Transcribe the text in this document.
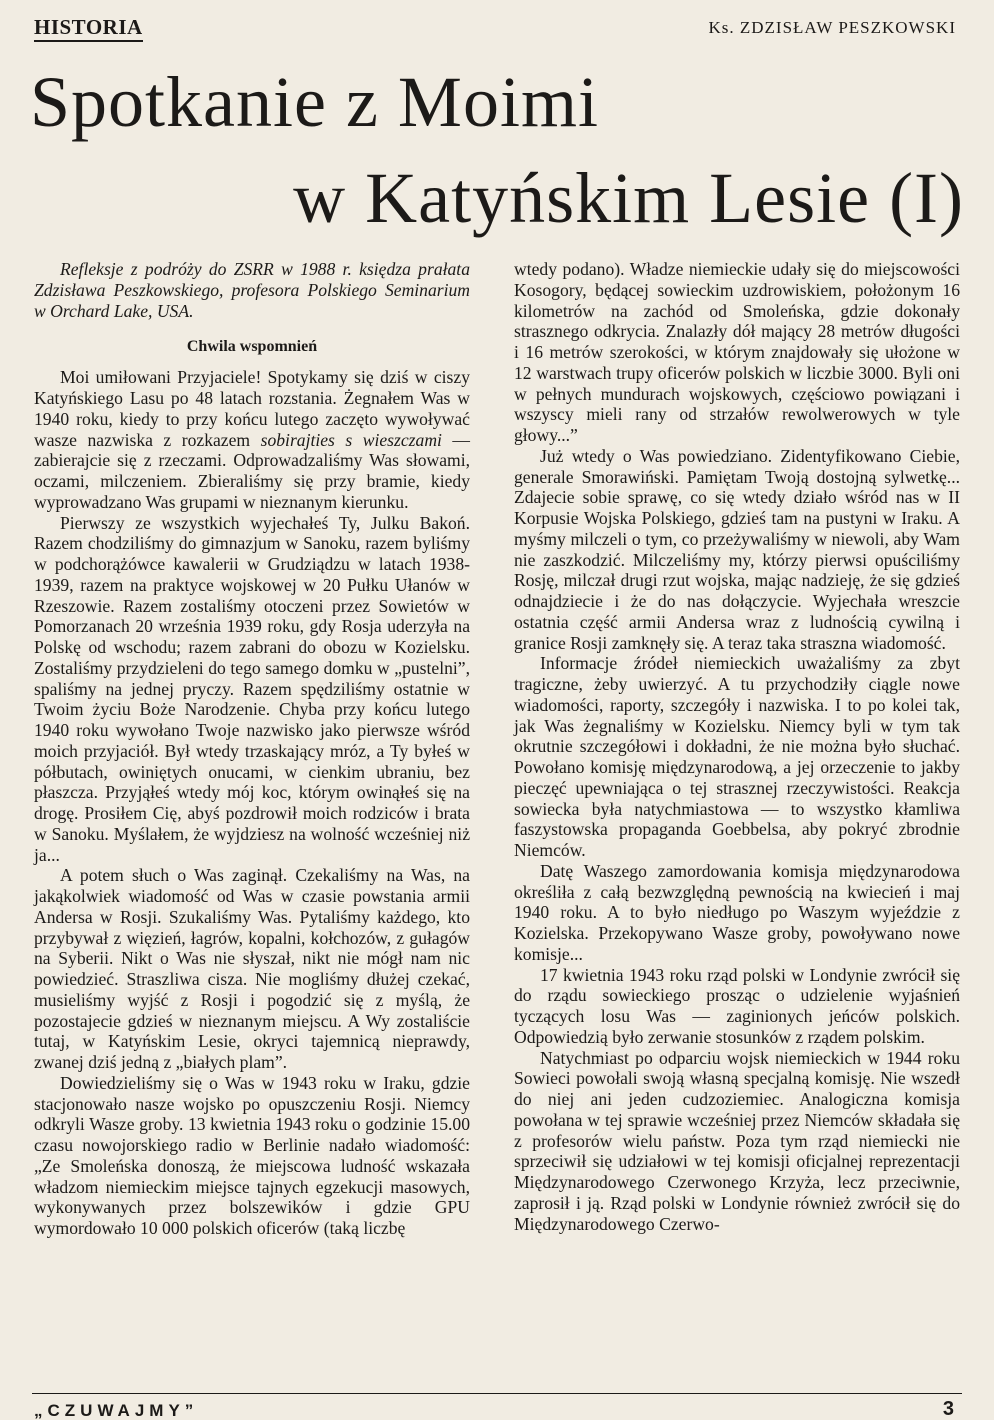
HISTORIA	Ks. ZDZISŁAW PESZKOWSKI
Spotkanie z Moimi
w Katyńskim Lesie (I)

Refleksje z podróży do ZSRR w 1988 r. księdza prałata Zdzisława Peszkowskiego, profesora Polskiego Seminarium w Orchard Lake, USA.

Chwila wspomnień

Moi umiłowani Przyjaciele! Spotykamy się dziś w ciszy Katyńskiego Lasu po 48 latach rozstania. Żegnałem Was w 1940 roku, kiedy to przy końcu lutego zaczęto wywoływać wasze nazwiska z rozkazem sobirajties s wieszczami — zabierajcie się z rzeczami. Odprowadzaliśmy Was słowami, oczami, milczeniem. Zbieraliśmy się przy bramie, kiedy wyprowadzano Was grupami w nieznanym kierunku.

Pierwszy ze wszystkich wyjechałeś Ty, Julku Bakoń. Razem chodziliśmy do gimnazjum w Sanoku, razem byliśmy w podchorążówce kawalerii w Grudziądzu w latach 1938-1939, razem na praktyce wojskowej w 20 Pułku Ułanów w Rzeszowie. Razem zostaliśmy otoczeni przez Sowietów w Pomorzanach 20 września 1939 roku, gdy Rosja uderzyła na Polskę od wschodu; razem zabrani do obozu w Kozielsku. Zostaliśmy przydzieleni do tego samego domku w „pustelni”, spaliśmy na jednej pryczy. Razem spędziliśmy ostatnie w Twoim życiu Boże Narodzenie. Chyba przy końcu lutego 1940 roku wywołano Twoje nazwisko jako pierwsze wśród moich przyjaciół. Był wtedy trzaskający mróz, a Ty byłeś w półbutach, owiniętych onucami, w cienkim ubraniu, bez płaszcza. Przyjąłeś wtedy mój koc, którym owinąłeś się na drogę. Prosiłem Cię, abyś pozdrowił moich rodziców i brata w Sanoku. Myślałem, że wyjdziesz na wolność wcześniej niż ja...

A potem słuch o Was zaginął. Czekaliśmy na Was, na jakąkolwiek wiadomość od Was w czasie powstania armii Andersa w Rosji. Szukaliśmy Was. Pytaliśmy każdego, kto przybywał z więzień, łagrów, kopalni, kołchozów, z gułagów na Syberii. Nikt o Was nie słyszał, nikt nie mógł nam nic powiedzieć. Straszliwa cisza. Nie mogliśmy dłużej czekać, musieliśmy wyjść z Rosji i pogodzić się z myślą, że pozostajecie gdzieś w nieznanym miejscu. A Wy zostaliście tutaj, w Katyńskim Lesie, okryci tajemnicą nieprawdy, zwanej dziś jedną z „białych plam”.

Dowiedzieliśmy się o Was w 1943 roku w Iraku, gdzie stacjonowało nasze wojsko po opuszczeniu Rosji. Niemcy odkryli Wasze groby. 13 kwietnia 1943 roku o godzinie 15.00 czasu nowojorskiego radio w Berlinie nadało wiadomość: „Ze Smoleńska donoszą, że miejscowa ludność wskazała władzom niemieckim miejsce tajnych egzekucji masowych, wykonywanych przez bolszewików i gdzie GPU wymordowało 10 000 polskich oficerów (taką liczbę

wtedy podano). Władze niemieckie udały się do miejscowości Kosogory, będącej sowieckim uzdrowiskiem, położonym 16 kilometrów na zachód od Smoleńska, gdzie dokonały strasznego odkrycia. Znalazły dół mający 28 metrów długości i 16 metrów szerokości, w którym znajdowały się ułożone w 12 warstwach trupy oficerów polskich w liczbie 3000. Byli oni w pełnych mundurach wojskowych, częściowo powiązani i wszyscy mieli rany od strzałów rewolwerowych w tyle głowy...”

Już wtedy o Was powiedziano. Zidentyfikowano Ciebie, generale Smorawiński. Pamiętam Twoją dostojną sylwetkę... Zdajecie sobie sprawę, co się wtedy działo wśród nas w II Korpusie Wojska Polskiego, gdzieś tam na pustyni w Iraku. A myśmy milczeli o tym, co przeżywaliśmy w niewoli, aby Wam nie zaszkodzić. Milczeliśmy my, którzy pierwsi opuściliśmy Rosję, milczał drugi rzut wojska, mając nadzieję, że się gdzieś odnajdziecie i że do nas dołączycie. Wyjechała wreszcie ostatnia część armii Andersa wraz z ludnością cywilną i granice Rosji zamknęły się. A teraz taka straszna wiadomość.

Informacje źródeł niemieckich uważaliśmy za zbyt tragiczne, żeby uwierzyć. A tu przychodziły ciągle nowe wiadomości, raporty, szczegóły i nazwiska. I to po kolei tak, jak Was żegnaliśmy w Kozielsku. Niemcy byli w tym tak okrutnie szczegółowi i dokładni, że nie można było słuchać. Powołano komisję międzynarodową, a jej orzeczenie to jakby pieczęć upewniająca o tej strasznej rzeczywistości. Reakcja sowiecka była natychmiastowa — to wszystko kłamliwa faszystowska propaganda Goebbelsa, aby pokryć zbrodnie Niemców.

Datę Waszego zamordowania komisja międzynarodowa określiła z całą bezwzględną pewnością na kwiecień i maj 1940 roku. A to było niedługo po Waszym wyjeździe z Kozielska. Przekopywano Wasze groby, powoływano nowe komisje...

17 kwietnia 1943 roku rząd polski w Londynie zwrócił się do rządu sowieckiego prosząc o udzielenie wyjaśnień tyczących losu Was — zaginionych jeńców polskich. Odpowiedzią było zerwanie stosunków z rządem polskim.

Natychmiast po odparciu wojsk niemieckich w 1944 roku Sowieci powołali swoją własną specjalną komisję. Nie wszedł do niej ani jeden cudzoziemiec. Analogiczna komisja powołana w tej sprawie wcześniej przez Niemców składała się z profesorów wielu państw. Poza tym rząd niemiecki nie sprzeciwił się udziałowi w tej komisji oficjalnej reprezentacji Międzynarodowego Czerwonego Krzyża, lecz przeciwnie, zaprosił i ją. Rząd polski w Londynie również zwrócił się do Międzynarodowego Czerwo-

„CZUWAJMY”	3
